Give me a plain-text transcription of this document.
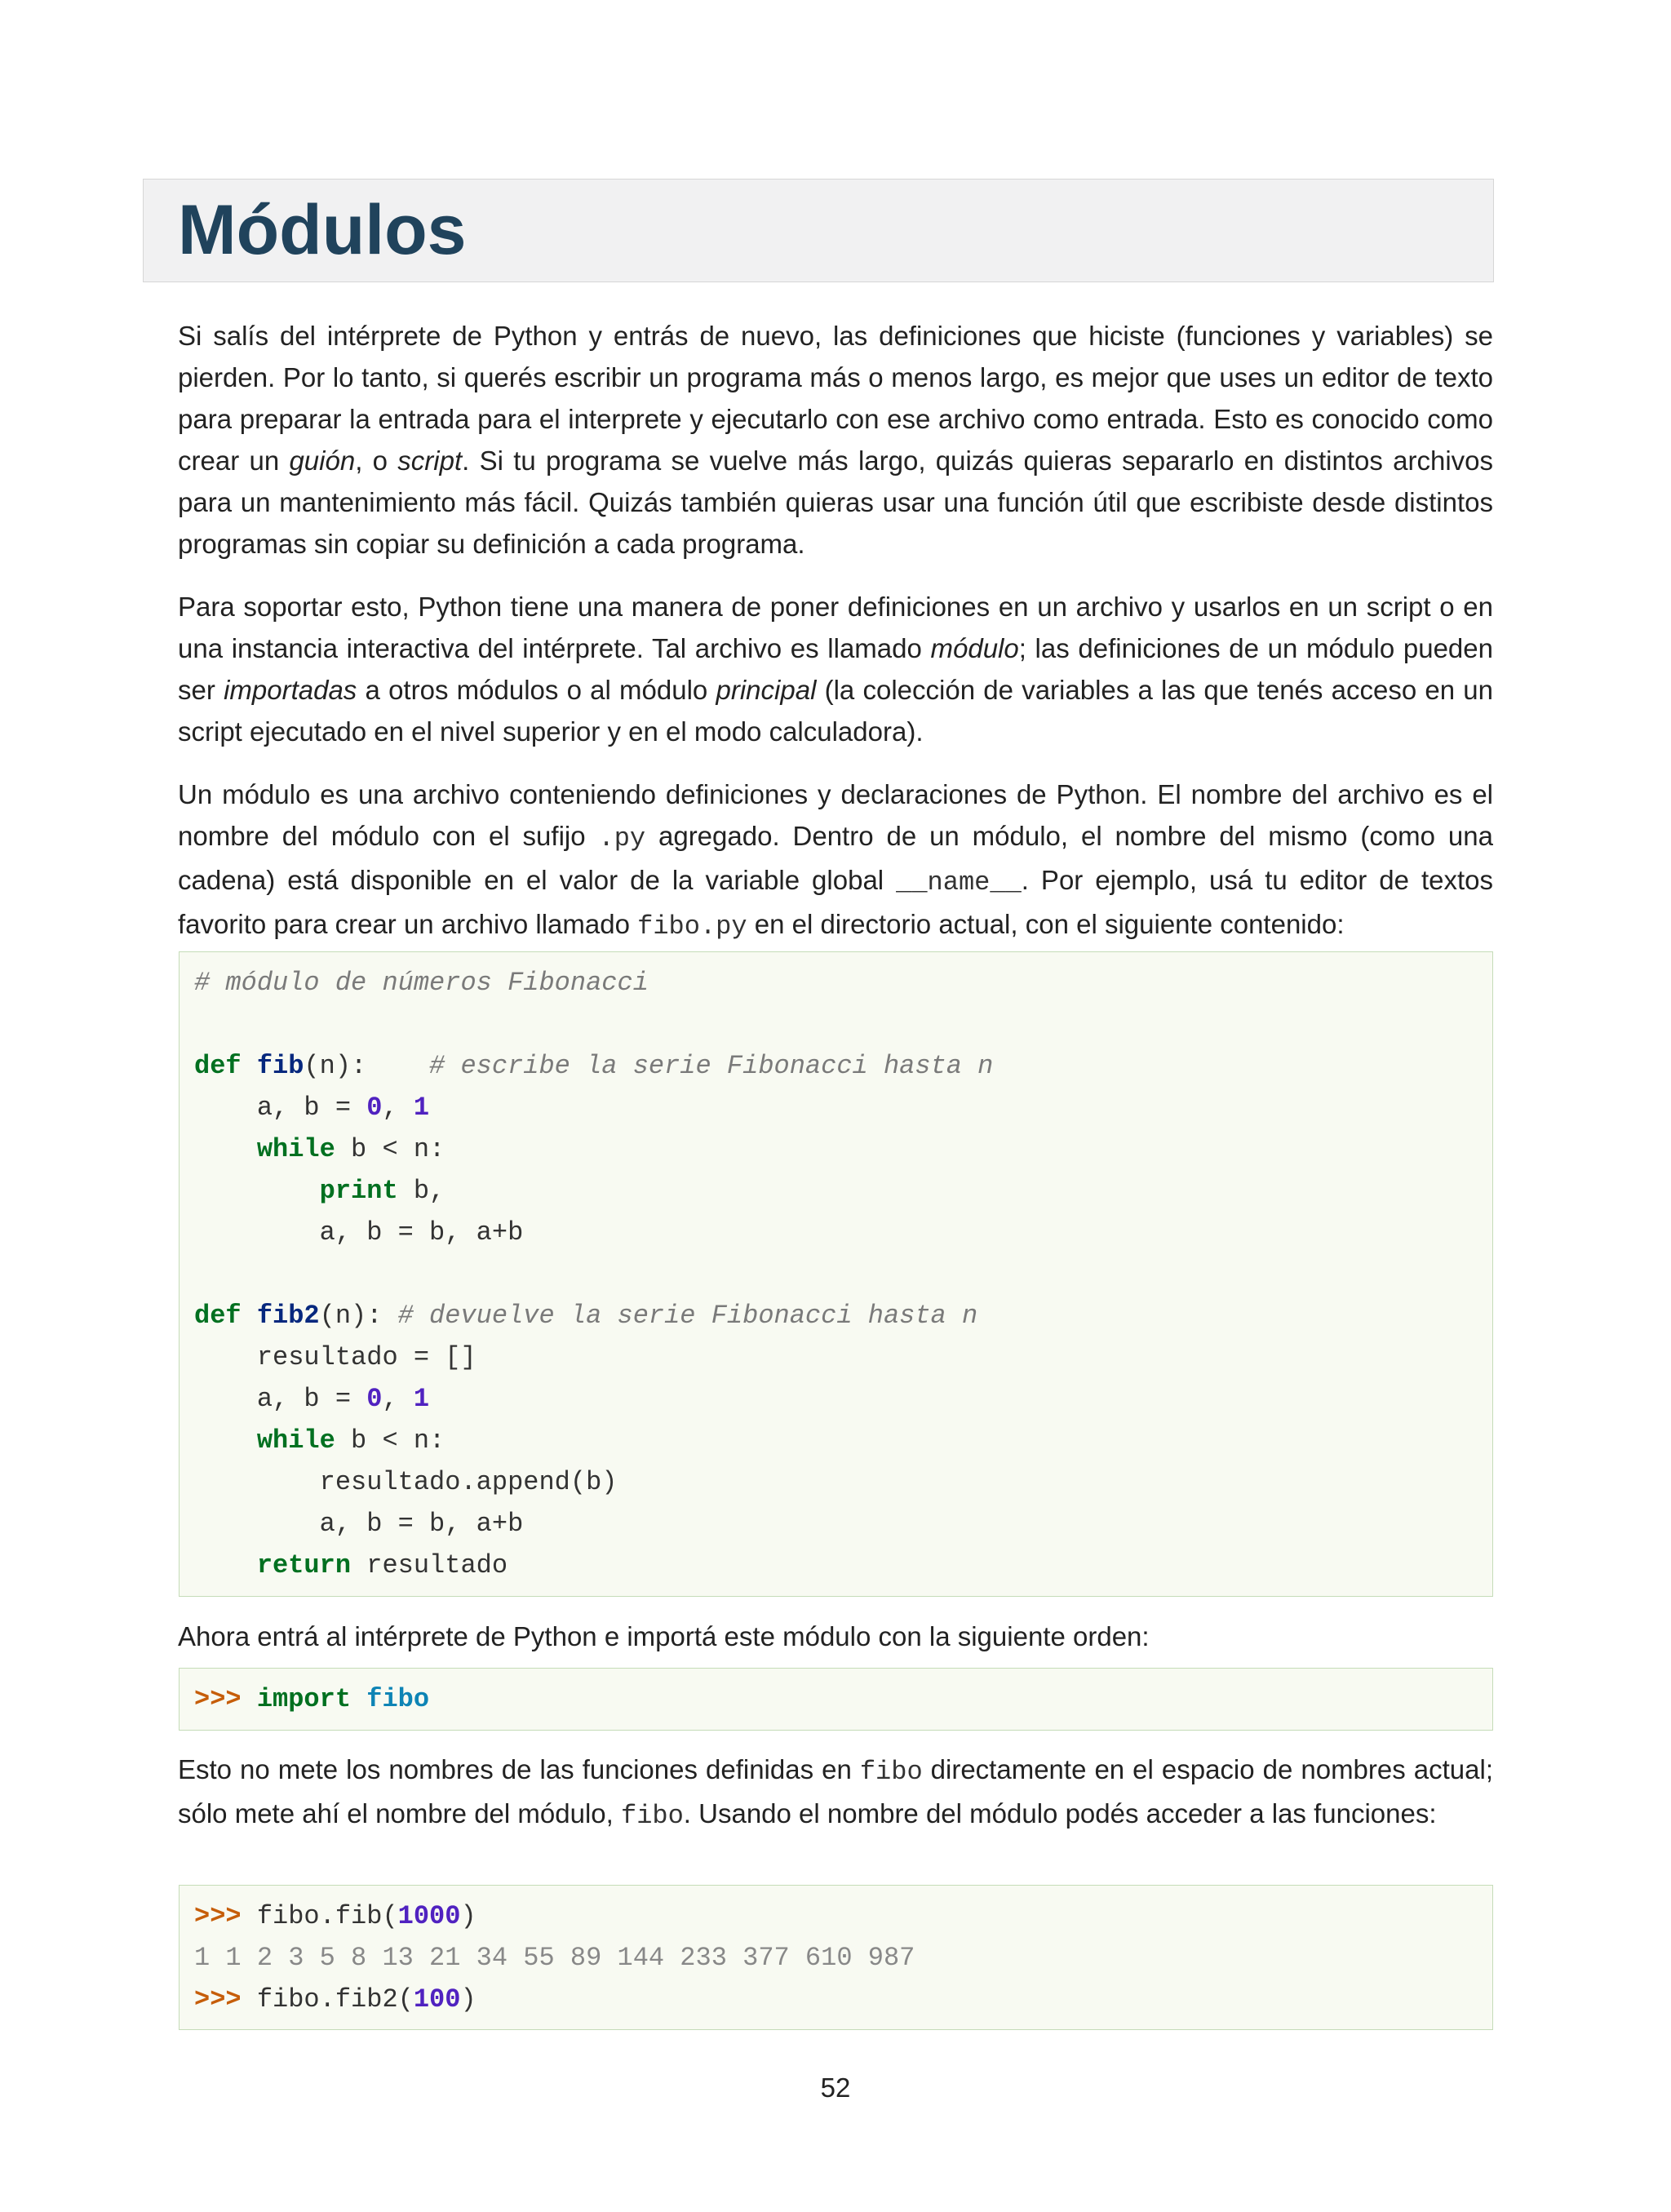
Módulos

Si salís del intérprete de Python y entrás de nuevo, las definiciones que hiciste (funciones y variables) se pierden. Por lo tanto, si querés escribir un programa más o menos largo, es mejor que uses un editor de texto para preparar la entrada para el interprete y ejecutarlo con ese archivo como entrada. Esto es conocido como crear un guión, o script. Si tu programa se vuelve más largo, quizás quieras separarlo en distintos archivos para un mantenimiento más fácil. Quizás también quieras usar una función útil que escribiste desde distintos programas sin copiar su definición a cada programa.

Para soportar esto, Python tiene una manera de poner definiciones en un archivo y usarlos en un script o en una instancia interactiva del intérprete. Tal archivo es llamado módulo; las definiciones de un módulo pueden ser importadas a otros módulos o al módulo principal (la colección de variables a las que tenés acceso en un script ejecutado en el nivel superior y en el modo calculadora).

Un módulo es una archivo conteniendo definiciones y declaraciones de Python. El nombre del archivo es el nombre del módulo con el sufijo .py agregado. Dentro de un módulo, el nombre del mismo (como una cadena) está disponible en el valor de la variable global __name__. Por ejemplo, usá tu editor de textos favorito para crear un archivo llamado fibo.py en el directorio actual, con el siguiente contenido:

# módulo de números Fibonacci

def fib(n): # escribe la serie Fibonacci hasta n
a, b = 0, 1
while b < n:
print b,
a, b = b, a+b

def fib2(n): # devuelve la serie Fibonacci hasta n
resultado = []
a, b = 0, 1
while b < n:
resultado.append(b)
a, b = b, a+b
return resultado

Ahora entrá al intérprete de Python e importá este módulo con la siguiente orden:

>>> import fibo

Esto no mete los nombres de las funciones definidas en fibo directamente en el espacio de nombres actual; sólo mete ahí el nombre del módulo, fibo. Usando el nombre del módulo podés acceder a las funciones:

>>> fibo.fib(1000)
1 1 2 3 5 8 13 21 34 55 89 144 233 377 610 987
>>> fibo.fib2(100)
52
